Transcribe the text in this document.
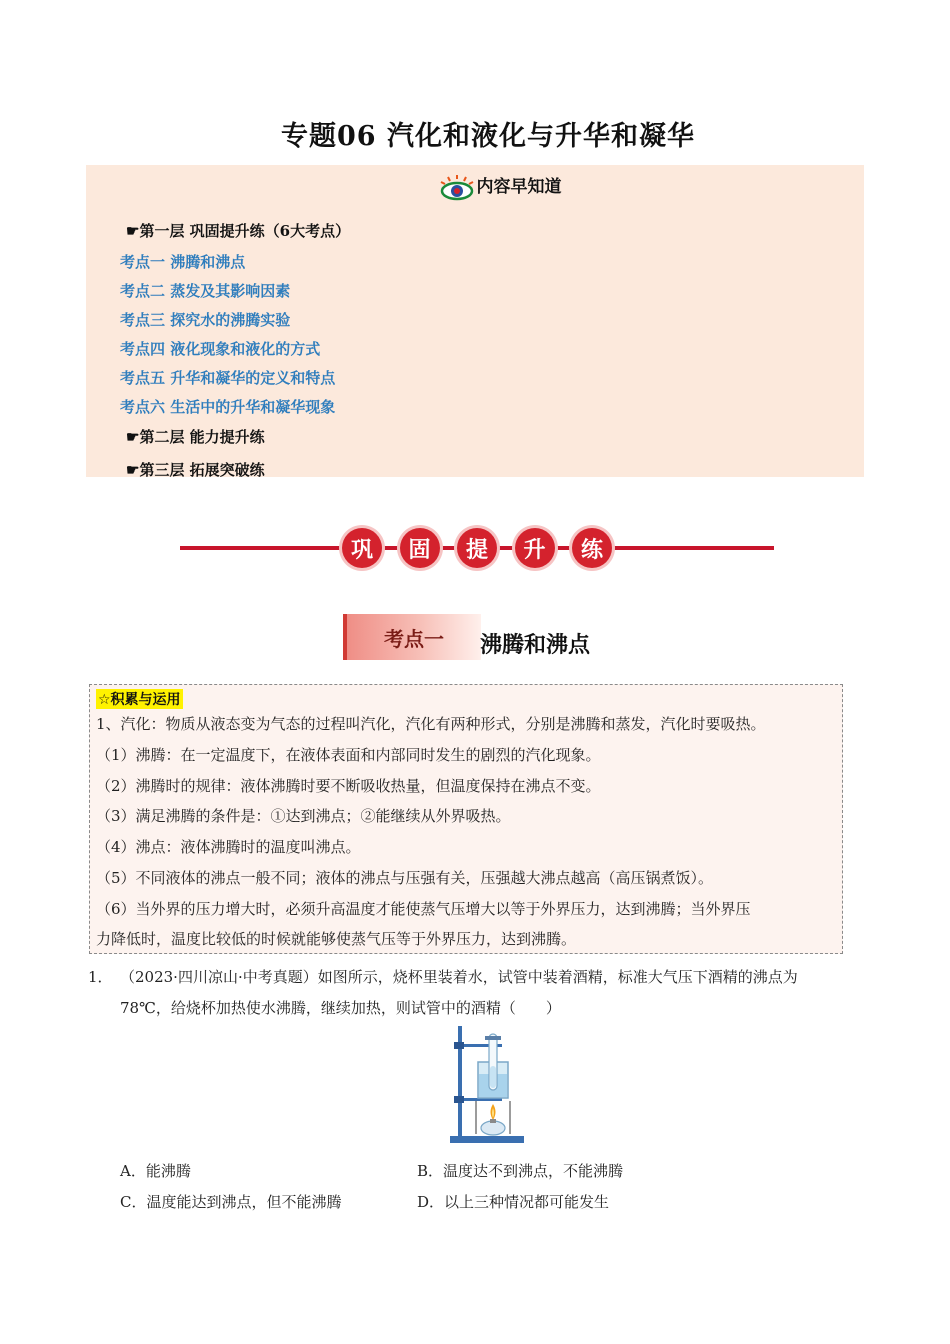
专题06 汽化和液化与升华和凝华
内容早知道
☛第一层 巩固提升练（6大考点）
考点一 沸腾和沸点
考点二 蒸发及其影响因素
考点三 探究水的沸腾实验
考点四 液化现象和液化的方式
考点五 升华和凝华的定义和特点
考点六 生活中的升华和凝华现象
☛第二层 能力提升练
☛第三层 拓展突破练
巩	固	提	升	练
考点一	沸腾和沸点
☆积累与运用
1、汽化：物质从液态变为气态的过程叫汽化，汽化有两种形式，分别是沸腾和蒸发，汽化时要吸热。
（1）沸腾：在一定温度下，在液体表面和内部同时发生的剧烈的汽化现象。
（2）沸腾时的规律：液体沸腾时要不断吸收热量，但温度保持在沸点不变。
（3）满足沸腾的条件是：①达到沸点；②能继续从外界吸热。
（4）沸点：液体沸腾时的温度叫沸点。
（5）不同液体的沸点一般不同；液体的沸点与压强有关，压强越大沸点越高（高压锅煮饭）。
（6）当外界的压力增大时，必须升高温度才能使蒸气压增大以等于外界压力，达到沸腾；当外界压
力降低时，温度比较低的时候就能够使蒸气压等于外界压力，达到沸腾。
1． （2023·四川凉山·中考真题）如图所示，烧杯里装着水，试管中装着酒精，标准大气压下酒精的沸点为
78℃，给烧杯加热使水沸腾，继续加热，则试管中的酒精（　　）
A．能沸腾	B．温度达不到沸点，不能沸腾
C．温度能达到沸点，但不能沸腾	D．以上三种情况都可能发生
